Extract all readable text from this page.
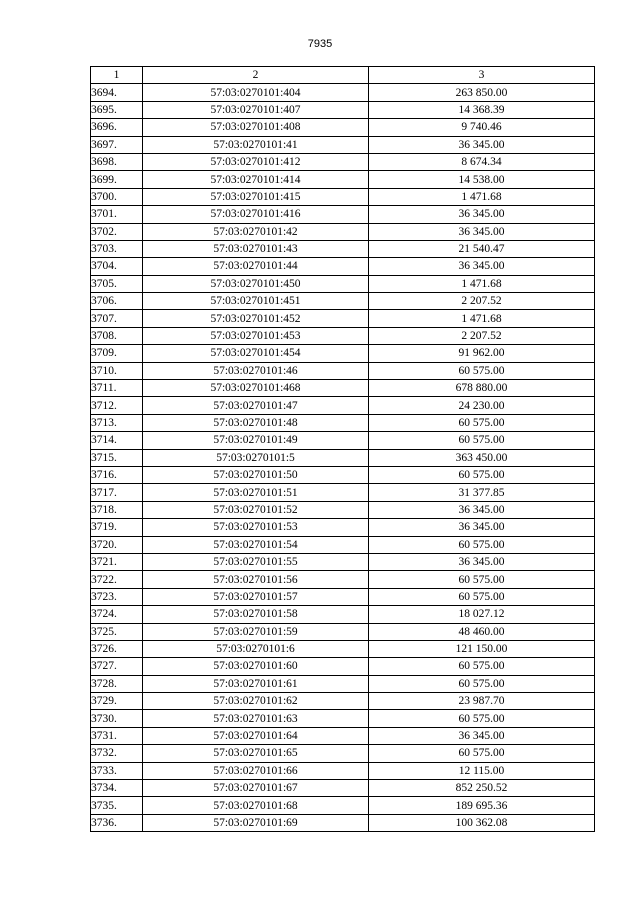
7935
1	2	3
3694.	57:03:0270101:404	263 850.00
3695.	57:03:0270101:407	14 368.39
3696.	57:03:0270101:408	9 740.46
3697.	57:03:0270101:41	36 345.00
3698.	57:03:0270101:412	8 674.34
3699.	57:03:0270101:414	14 538.00
3700.	57:03:0270101:415	1 471.68
3701.	57:03:0270101:416	36 345.00
3702.	57:03:0270101:42	36 345.00
3703.	57:03:0270101:43	21 540.47
3704.	57:03:0270101:44	36 345.00
3705.	57:03:0270101:450	1 471.68
3706.	57:03:0270101:451	2 207.52
3707.	57:03:0270101:452	1 471.68
3708.	57:03:0270101:453	2 207.52
3709.	57:03:0270101:454	91 962.00
3710.	57:03:0270101:46	60 575.00
3711.	57:03:0270101:468	678 880.00
3712.	57:03:0270101:47	24 230.00
3713.	57:03:0270101:48	60 575.00
3714.	57:03:0270101:49	60 575.00
3715.	57:03:0270101:5	363 450.00
3716.	57:03:0270101:50	60 575.00
3717.	57:03:0270101:51	31 377.85
3718.	57:03:0270101:52	36 345.00
3719.	57:03:0270101:53	36 345.00
3720.	57:03:0270101:54	60 575.00
3721.	57:03:0270101:55	36 345.00
3722.	57:03:0270101:56	60 575.00
3723.	57:03:0270101:57	60 575.00
3724.	57:03:0270101:58	18 027.12
3725.	57:03:0270101:59	48 460.00
3726.	57:03:0270101:6	121 150.00
3727.	57:03:0270101:60	60 575.00
3728.	57:03:0270101:61	60 575.00
3729.	57:03:0270101:62	23 987.70
3730.	57:03:0270101:63	60 575.00
3731.	57:03:0270101:64	36 345.00
3732.	57:03:0270101:65	60 575.00
3733.	57:03:0270101:66	12 115.00
3734.	57:03:0270101:67	852 250.52
3735.	57:03:0270101:68	189 695.36
3736.	57:03:0270101:69	100 362.08
